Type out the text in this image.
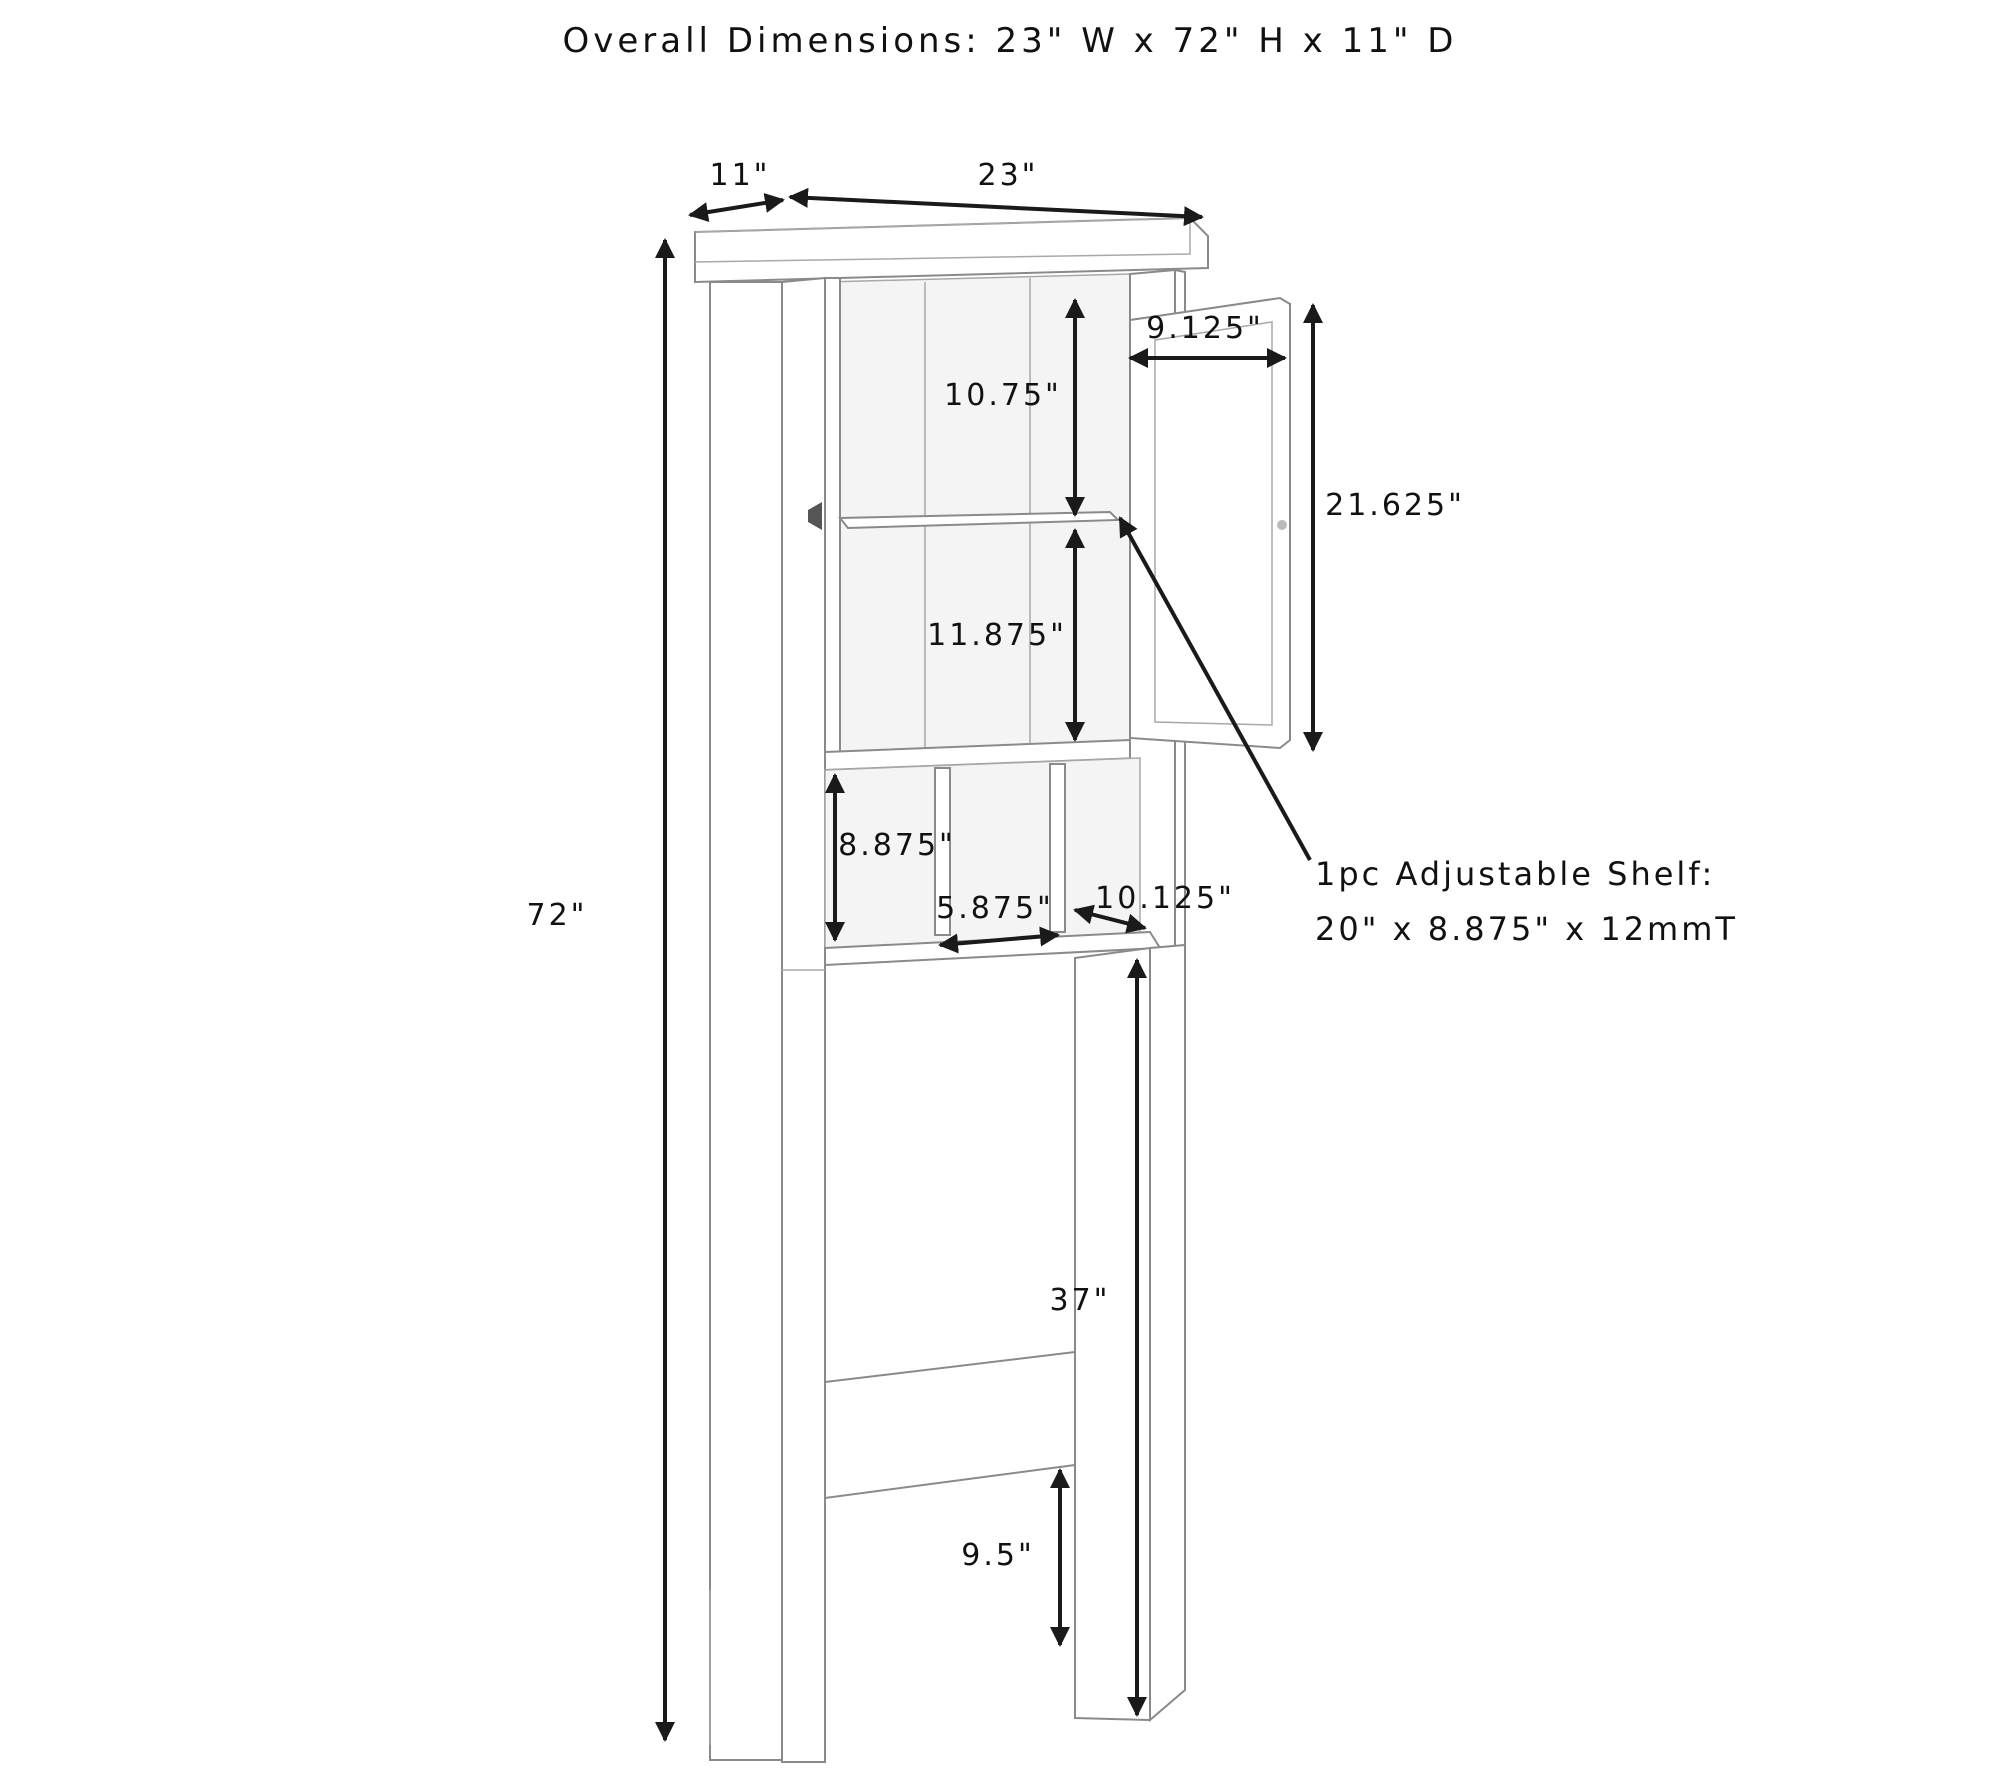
Overall Dimensions: 23" W x 72" H x 11" D
11"	23"
72"
10.75"
11.875"
9.125"
21.625"
8.875"
5.875" 10.125"
37"
9.5"
1pc Adjustable Shelf:
20" x 8.875" x 12mmT
